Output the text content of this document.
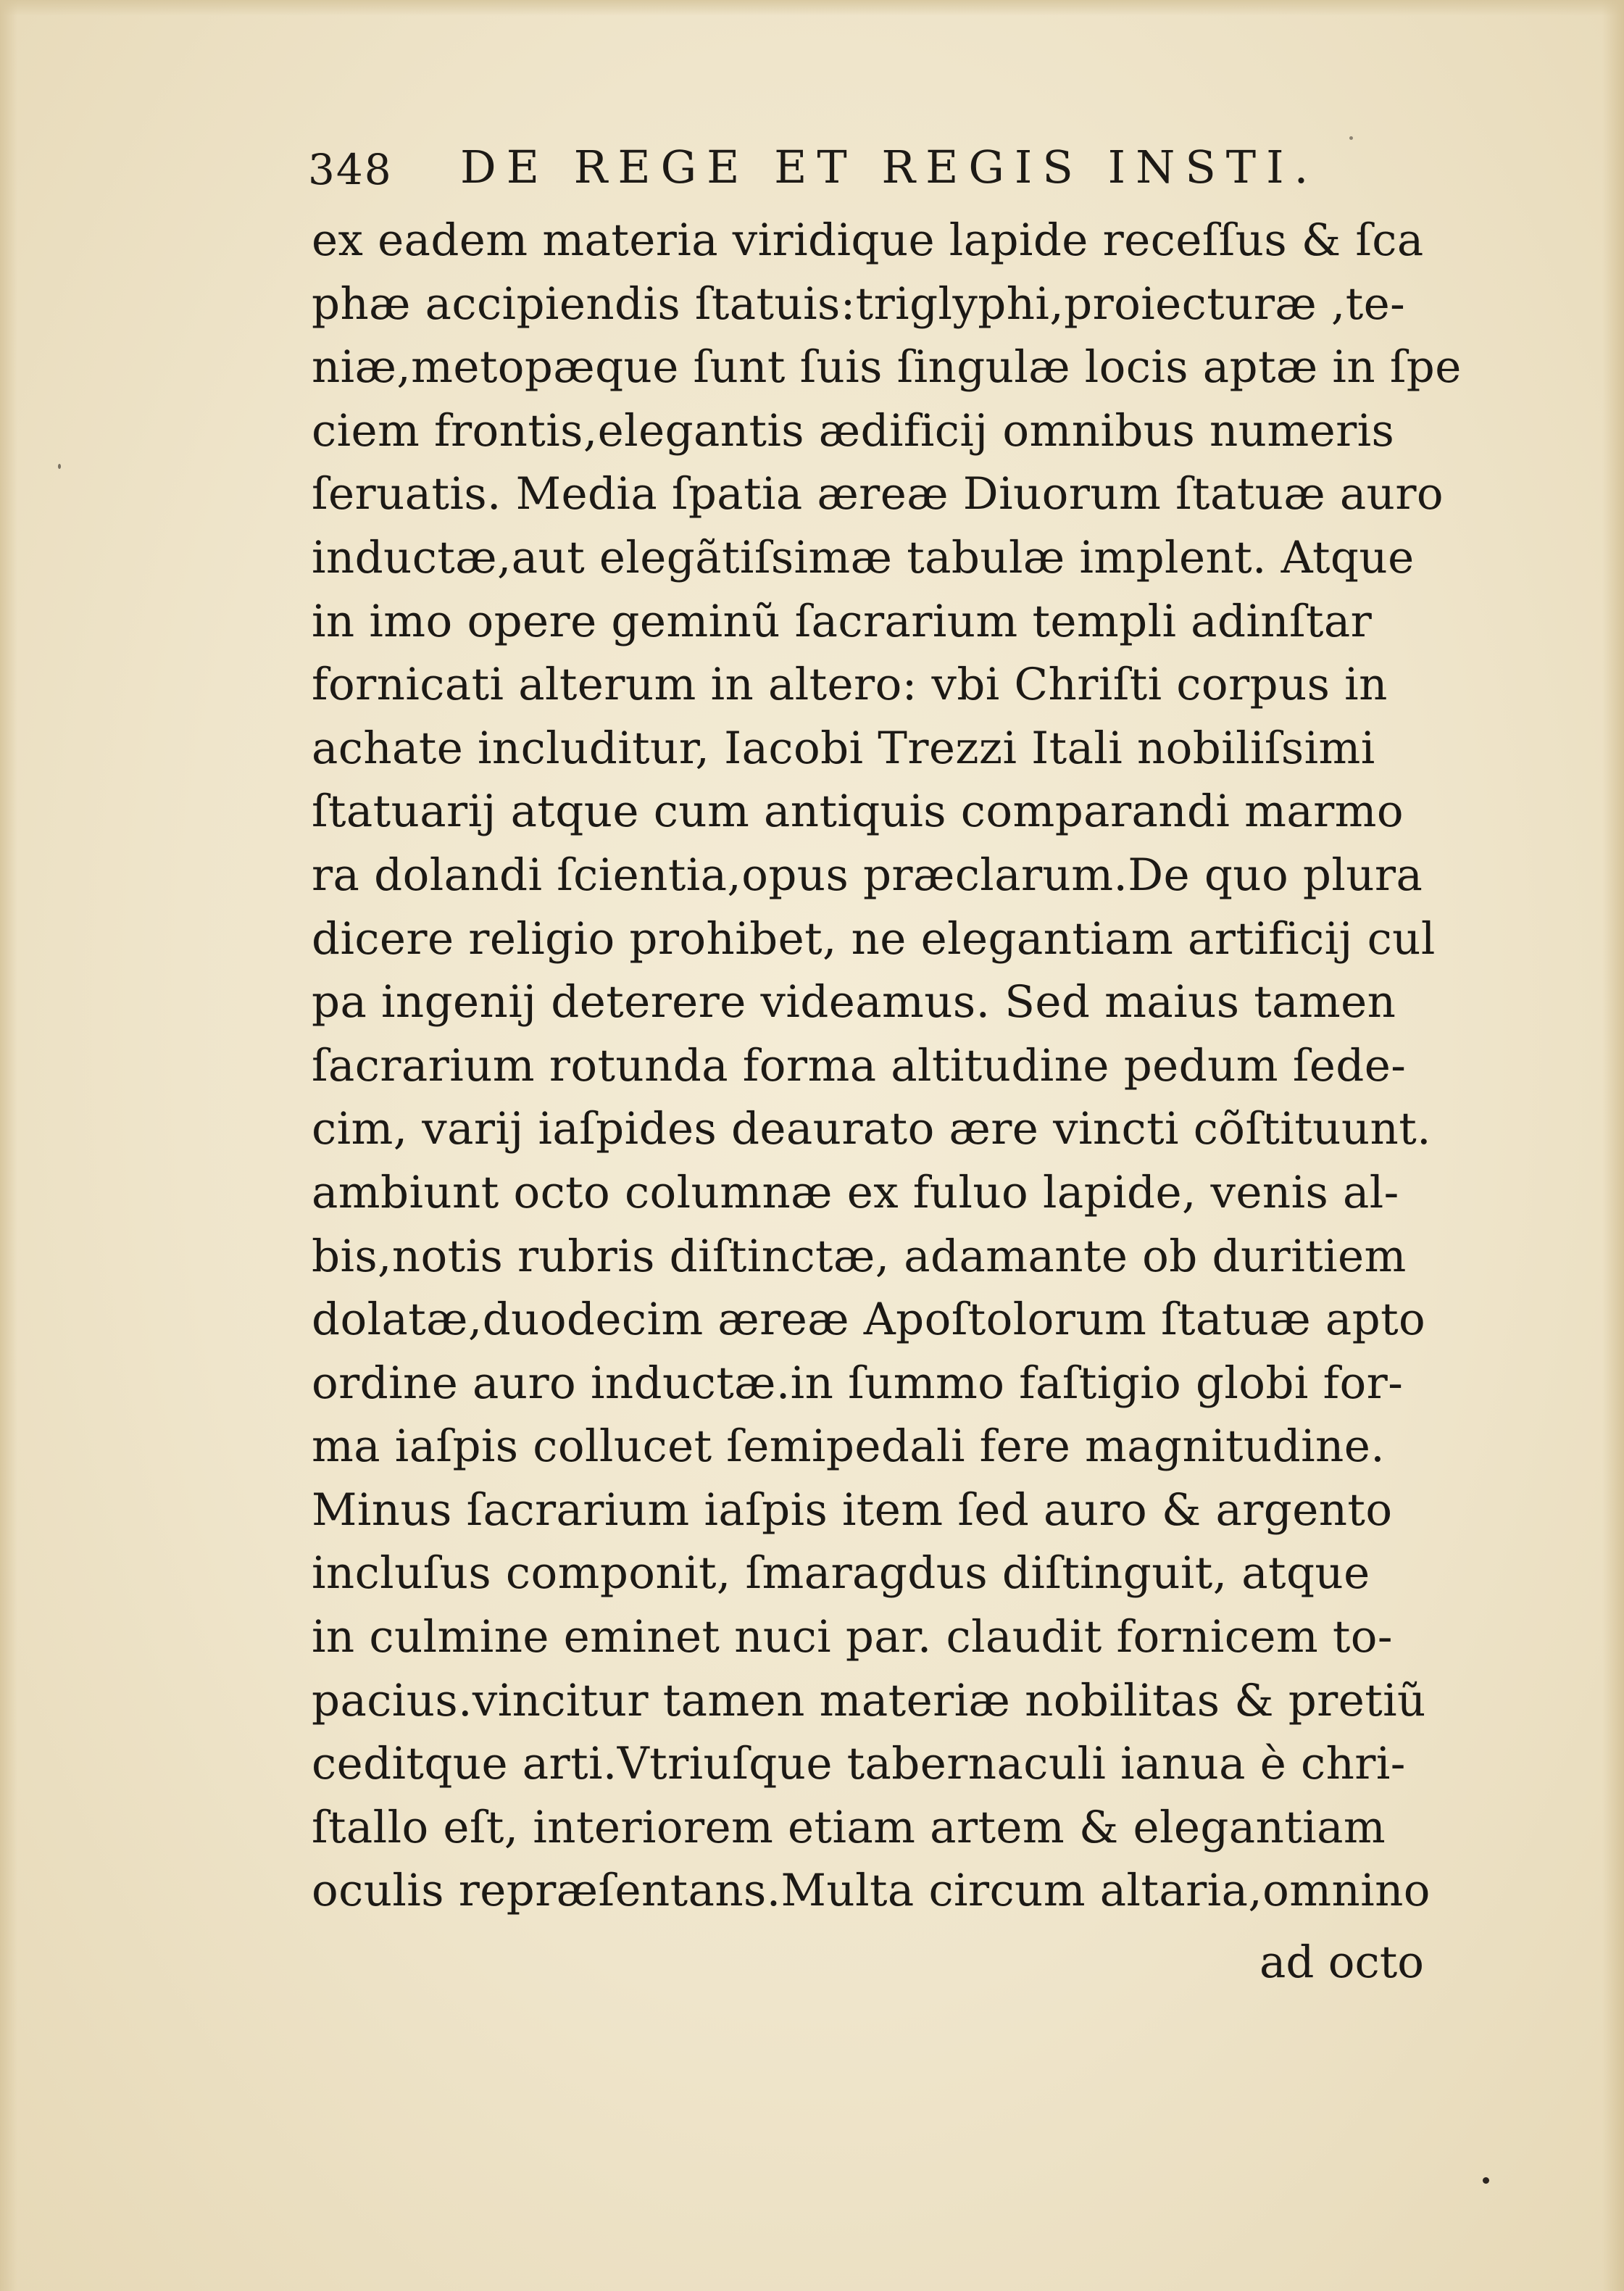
348 DE REGE ET REGIS INSTI.
ex eadem materia viridique lapide receſſus & ſca
phæ accipiendis ſtatuis:triglyphi,proiecturæ ,te-
niæ,metopæque ſunt ſuis ſingulæ locis aptæ in ſpe
ciem frontis,elegantis ædificij omnibus numeris
ſeruatis. Media ſpatia æreæ Diuorum ſtatuæ auro
inductæ,aut elegãtiſsimæ tabulæ implent. Atque
in imo opere geminũ ſacrarium templi adinſtar
fornicati alterum in altero: vbi Chriſti corpus in
achate includitur, Iacobi Trezzi Itali nobiliſsimi
ſtatuarij atque cum antiquis comparandi marmo
ra dolandi ſcientia,opus præclarum.De quo plura
dicere religio prohibet, ne elegantiam artificij cul
pa ingenij deterere videamus. Sed maius tamen
ſacrarium rotunda forma altitudine pedum ſede-
cim, varij iaſpides deaurato ære vincti cõſtituunt.
ambiunt octo columnæ ex fuluo lapide, venis al-
bis,notis rubris diſtinctæ, adamante ob duritiem
dolatæ,duodecim æreæ Apoſtolorum ſtatuæ apto
ordine auro inductæ.in ſummo faſtigio globi for-
ma iaſpis collucet ſemipedali fere magnitudine.
Minus ſacrarium iaſpis item ſed auro & argento
incluſus componit, ſmaragdus diſtinguit, atque
in culmine eminet nuci par. claudit fornicem to-
pacius.vincitur tamen materiæ nobilitas & pretiũ
ceditque arti.Vtriuſque tabernaculi ianua è chri-
ſtallo eſt, interiorem etiam artem & elegantiam
oculis repræſentans.Multa circum altaria,omnino
ad octo
